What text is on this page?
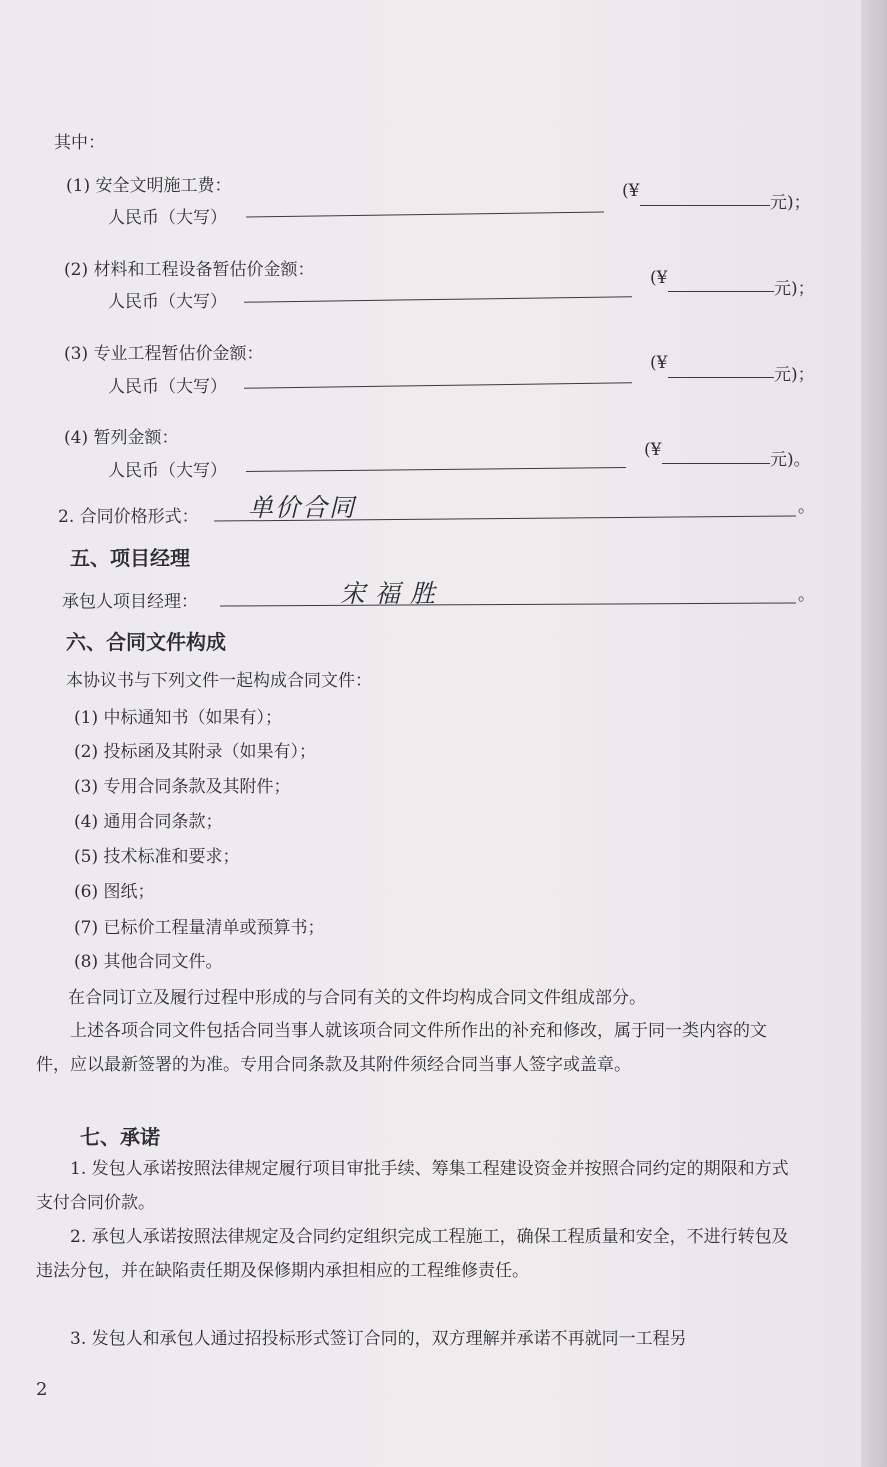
其中：
(1) 安全文明施工费：
人民币（大写）
(¥
元)；
(2) 材料和工程设备暂估价金额：
人民币（大写）
(¥
元)；
(3) 专业工程暂估价金额：
人民币（大写）
(¥
元)；
(4) 暂列金额：
人民币（大写）
(¥	元)。
2. 合同价格形式： 单价合同	。
五、项目经理
承包人项目经理：	宋福胜	。
六、合同文件构成
本协议书与下列文件一起构成合同文件：
(1) 中标通知书（如果有）；
(2) 投标函及其附录（如果有）；
(3) 专用合同条款及其附件；
(4) 通用合同条款；
(5) 技术标准和要求；
(6) 图纸；
(7) 已标价工程量清单或预算书；
(8) 其他合同文件。
在合同订立及履行过程中形成的与合同有关的文件均构成合同文件组成部分。
上述各项合同文件包括合同当事人就该项合同文件所作出的补充和修改，属于同一类内容的文件，应以最新签署的为准。专用合同条款及其附件须经合同当事人签字或盖章。
七、承诺
1. 发包人承诺按照法律规定履行项目审批手续、筹集工程建设资金并按照合同约定的期限和方式支付合同价款。
2. 承包人承诺按照法律规定及合同约定组织完成工程施工，确保工程质量和安全，不进行转包及违法分包，并在缺陷责任期及保修期内承担相应的工程维修责任。
3. 发包人和承包人通过招投标形式签订合同的，双方理解并承诺不再就同一工程另
2
